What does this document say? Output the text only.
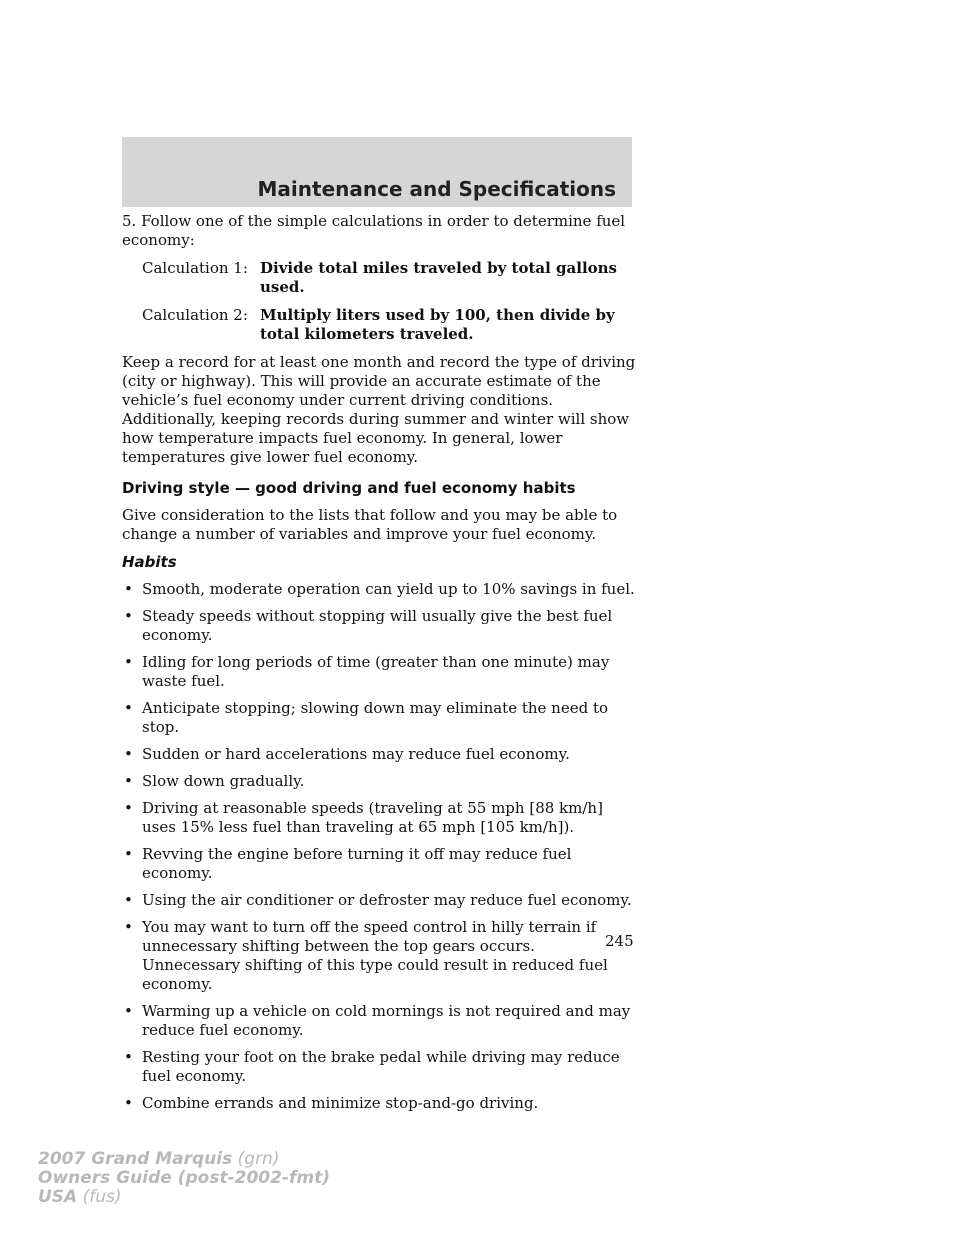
Maintenance and Specifications

5. Follow one of the simple calculations in order to determine fuel economy:

Calculation 1: Divide total miles traveled by total gallons used.
Calculation 2: Multiply liters used by 100, then divide by total kilometers traveled.

Keep a record for at least one month and record the type of driving (city or highway). This will provide an accurate estimate of the vehicle’s fuel economy under current driving conditions. Additionally, keeping records during summer and winter will show how temperature impacts fuel economy. In general, lower temperatures give lower fuel economy.

Driving style — good driving and fuel economy habits

Give consideration to the lists that follow and you may be able to change a number of variables and improve your fuel economy.

Habits
• Smooth, moderate operation can yield up to 10% savings in fuel.
• Steady speeds without stopping will usually give the best fuel economy.
• Idling for long periods of time (greater than one minute) may waste fuel.
• Anticipate stopping; slowing down may eliminate the need to stop.
• Sudden or hard accelerations may reduce fuel economy.
• Slow down gradually.
• Driving at reasonable speeds (traveling at 55 mph [88 km/h] uses 15% less fuel than traveling at 65 mph [105 km/h]).
• Revving the engine before turning it off may reduce fuel economy.
• Using the air conditioner or defroster may reduce fuel economy.
• You may want to turn off the speed control in hilly terrain if unnecessary shifting between the top gears occurs. Unnecessary shifting of this type could result in reduced fuel economy.
• Warming up a vehicle on cold mornings is not required and may reduce fuel economy.
• Resting your foot on the brake pedal while driving may reduce fuel economy.
• Combine errands and minimize stop-and-go driving.
245
2007 Grand Marquis (grn)
Owners Guide (post-2002-fmt)
USA (fus)
